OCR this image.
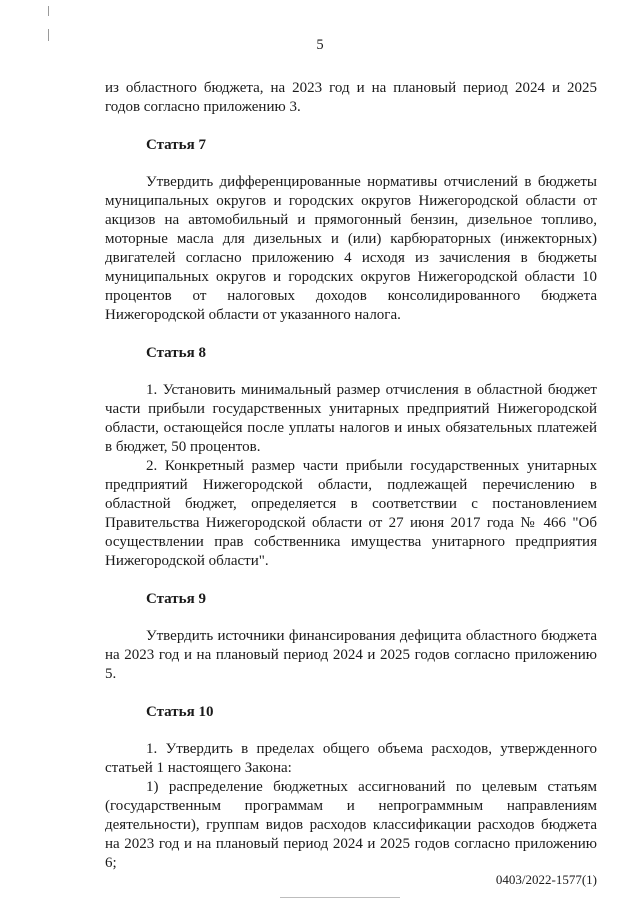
5

из областного бюджета, на 2023 год и на плановый период 2024 и 2025 годов согласно приложению 3.

Статья 7

Утвердить дифференцированные нормативы отчислений в бюджеты муниципальных округов и городских округов Нижегородской области от акцизов на автомобильный и прямогонный бензин, дизельное топливо, моторные масла для дизельных и (или) карбюраторных (инжекторных) двигателей согласно приложению 4 исходя из зачисления в бюджеты муниципальных округов и городских округов Нижегородской области 10 процентов от налоговых доходов консолидированного бюджета Нижегородской области от указанного налога.

Статья 8

1. Установить минимальный размер отчисления в областной бюджет части прибыли государственных унитарных предприятий Нижегородской области, остающейся после уплаты налогов и иных обязательных платежей в бюджет, 50 процентов.

2. Конкретный размер части прибыли государственных унитарных предприятий Нижегородской области, подлежащей перечислению в областной бюджет, определяется в соответствии с постановлением Правительства Нижегородской области от 27 июня 2017 года № 466 "Об осуществлении прав собственника имущества унитарного предприятия Нижегородской области".

Статья 9

Утвердить источники финансирования дефицита областного бюджета на 2023 год и на плановый период 2024 и 2025 годов согласно приложению 5.

Статья 10

1. Утвердить в пределах общего объема расходов, утвержденного статьей 1 настоящего Закона:

1) распределение бюджетных ассигнований по целевым статьям (государственным программам и непрограммным направлениям деятельности), группам видов расходов классификации расходов бюджета на 2023 год и на плановый период 2024 и 2025 годов согласно приложению 6;

0403/2022-1577(1)
